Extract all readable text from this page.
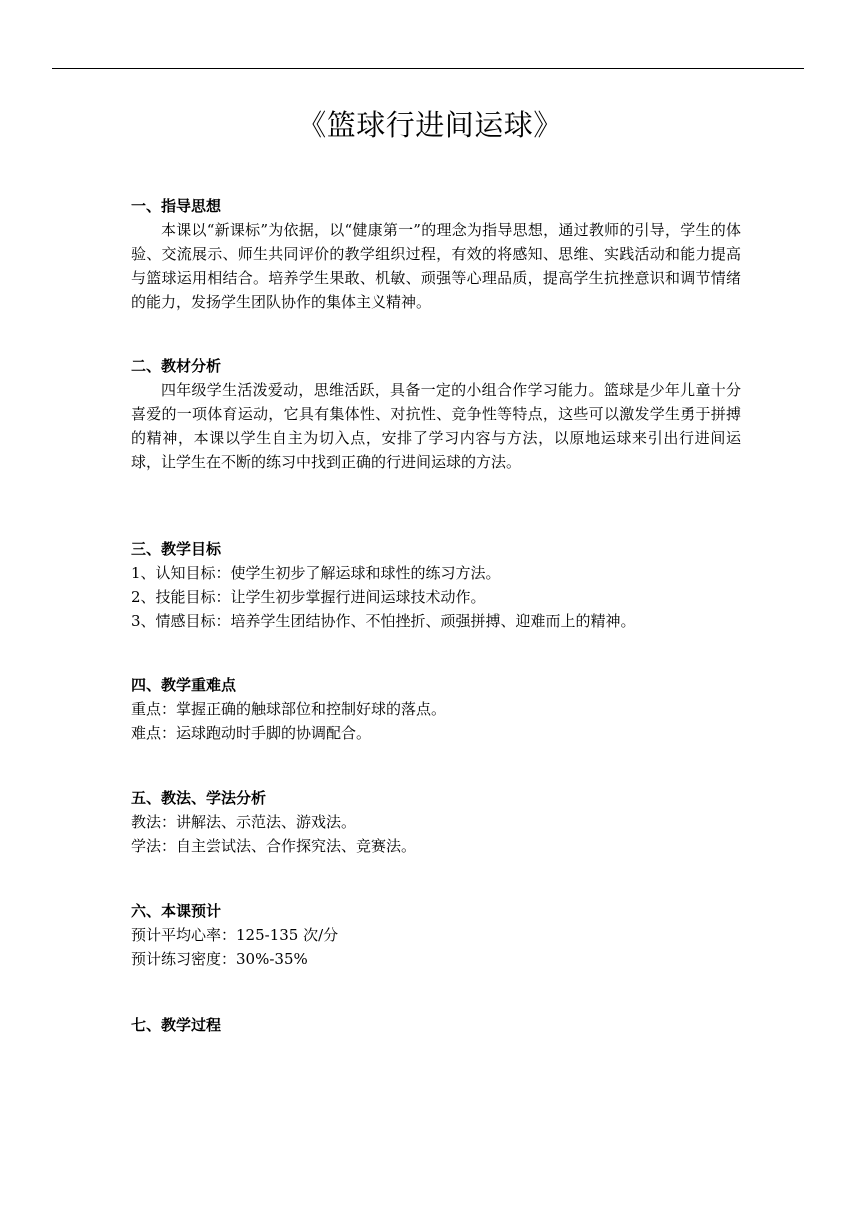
《篮球行进间运球》

一、指导思想

本课以“新课标”为依据，以“健康第一”的理念为指导思想，通过教师的引导，学生的体验、交流展示、师生共同评价的教学组织过程，有效的将感知、思维、实践活动和能力提高与篮球运用相结合。培养学生果敢、机敏、顽强等心理品质，提高学生抗挫意识和调节情绪的能力，发扬学生团队协作的集体主义精神。

二、教材分析

四年级学生活泼爱动，思维活跃，具备一定的小组合作学习能力。篮球是少年儿童十分喜爱的一项体育运动，它具有集体性、对抗性、竞争性等特点，这些可以激发学生勇于拼搏的精神，本课以学生自主为切入点，安排了学习内容与方法，以原地运球来引出行进间运球，让学生在不断的练习中找到正确的行进间运球的方法。

三、教学目标

1、认知目标：使学生初步了解运球和球性的练习方法。

2、技能目标：让学生初步掌握行进间运球技术动作。

3、情感目标：培养学生团结协作、不怕挫折、顽强拼搏、迎难而上的精神。

四、教学重难点

重点：掌握正确的触球部位和控制好球的落点。

难点：运球跑动时手脚的协调配合。

五、教法、学法分析

教法：讲解法、示范法、游戏法。

学法：自主尝试法、合作探究法、竞赛法。

六、本课预计

预计平均心率：125-135 次/分

预计练习密度：30%-35%

七、教学过程
